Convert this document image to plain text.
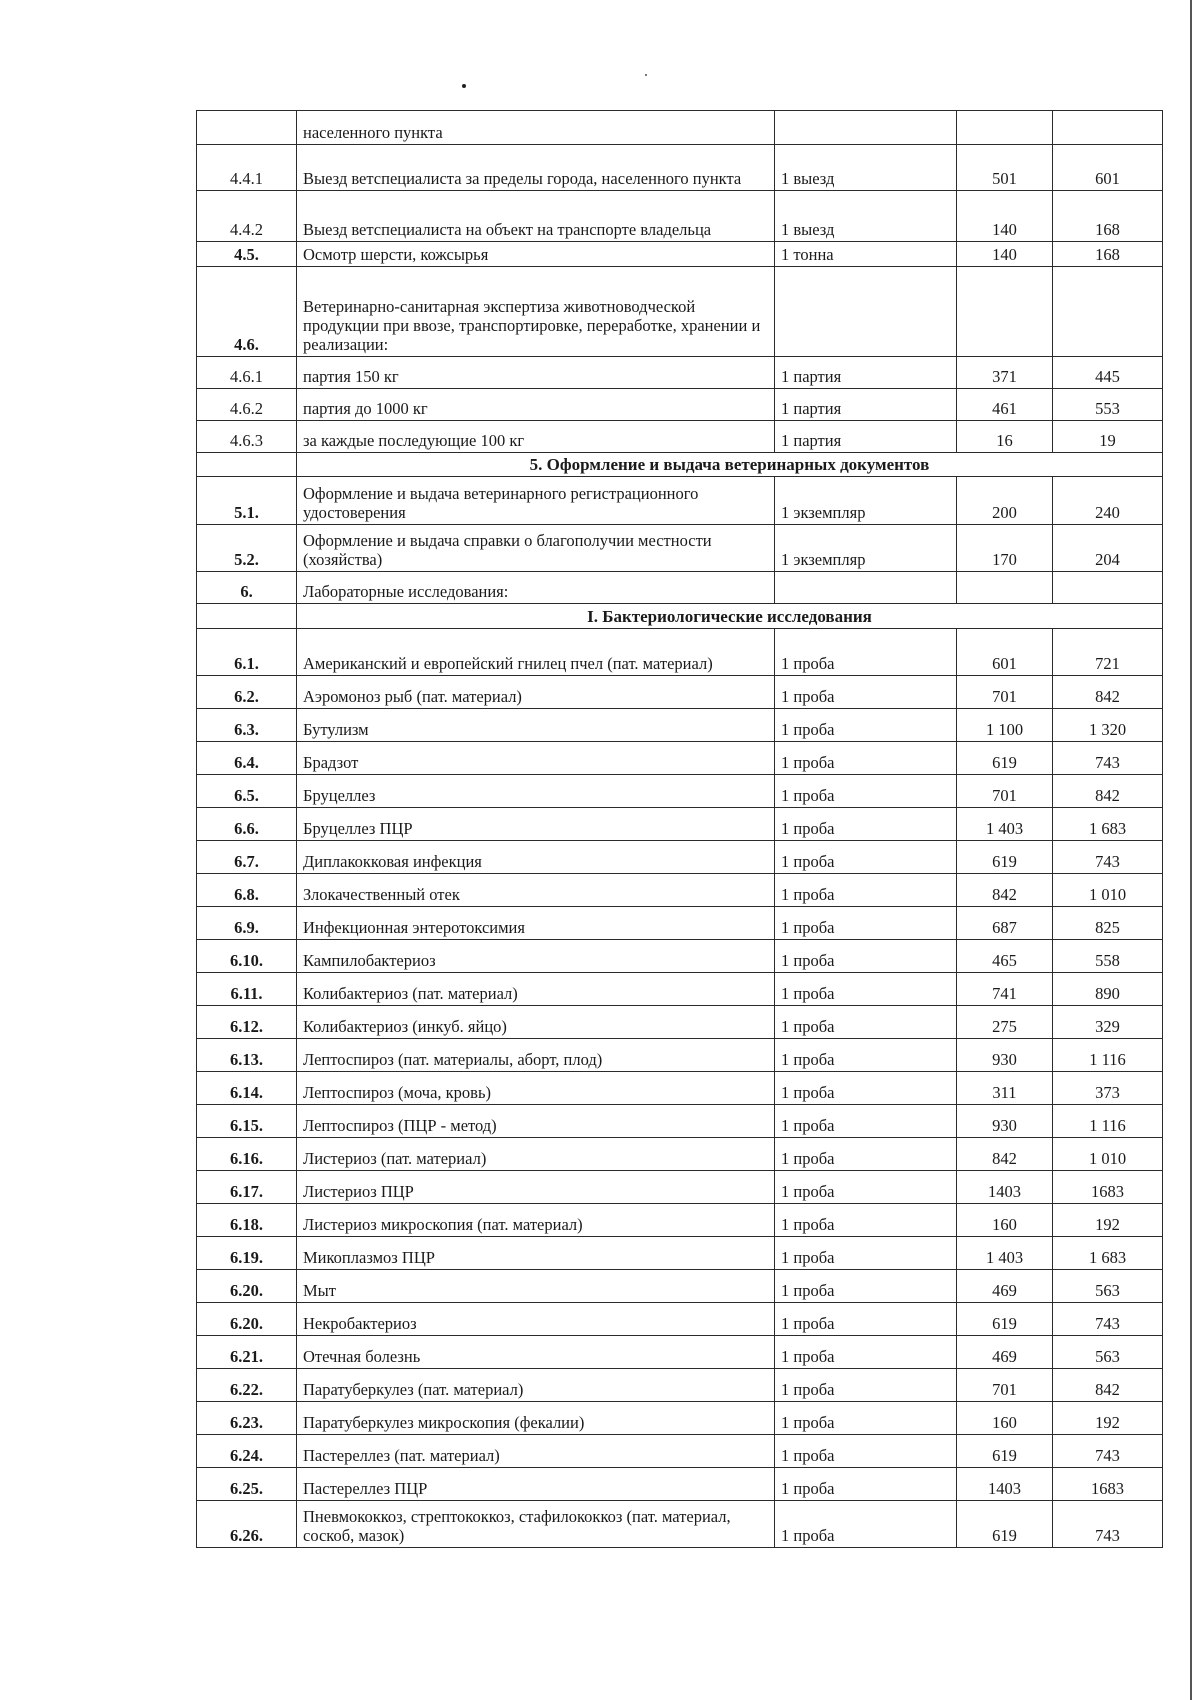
	населенного пункта			
4.4.1	Выезд ветспециалиста за пределы города, населенного пункта	1 выезд	501	601
4.4.2	Выезд ветспециалиста на объект на транспорте владельца	1 выезд	140	168
4.5.	Осмотр шерсти, кожсырья	1 тонна	140	168
4.6.	Ветеринарно-санитарная экспертиза животноводческой продукции при ввозе, транспортировке, переработке, хранении и реализации:			
4.6.1	партия 150 кг	1 партия	371	445
4.6.2	партия до 1000 кг	1 партия	461	553
4.6.3	за каждые последующие 100 кг	1 партия	16	19
	5. Оформление и выдача ветеринарных документов			
5.1.	Оформление и выдача ветеринарного регистрационного удостоверения	1 экземпляр	200	240
5.2.	Оформление и выдача справки о благополучии местности (хозяйства)	1 экземпляр	170	204
6.	Лабораторные исследования:			
	I. Бактериологические исследования			
6.1.	Американский и европейский гнилец пчел (пат. материал)	1 проба	601	721
6.2.	Аэромоноз рыб (пат. материал)	1 проба	701	842
6.3.	Бутулизм	1 проба	1 100	1 320
6.4.	Брадзот	1 проба	619	743
6.5.	Бруцеллез	1 проба	701	842
6.6.	Бруцеллез ПЦР	1 проба	1 403	1 683
6.7.	Диплакокковая инфекция	1 проба	619	743
6.8.	Злокачественный отек	1 проба	842	1 010
6.9.	Инфекционная энтеротоксимия	1 проба	687	825
6.10.	Кампилобактериоз	1 проба	465	558
6.11.	Колибактериоз (пат. материал)	1 проба	741	890
6.12.	Колибактериоз (инкуб. яйцо)	1 проба	275	329
6.13.	Лептоспироз (пат. материалы, аборт, плод)	1 проба	930	1 116
6.14.	Лептоспироз (моча, кровь)	1 проба	311	373
6.15.	Лептоспироз (ПЦР - метод)	1 проба	930	1 116
6.16.	Листериоз (пат. материал)	1 проба	842	1 010
6.17.	Листериоз ПЦР	1 проба	1403	1683
6.18.	Листериоз микроскопия (пат. материал)	1 проба	160	192
6.19.	Микоплазмоз ПЦР	1 проба	1 403	1 683
6.20.	Мыт	1 проба	469	563
6.20.	Некробактериоз	1 проба	619	743
6.21.	Отечная болезнь	1 проба	469	563
6.22.	Паратуберкулез (пат. материал)	1 проба	701	842
6.23.	Паратуберкулез микроскопия (фекалии)	1 проба	160	192
6.24.	Пастереллез (пат. материал)	1 проба	619	743
6.25.	Пастереллез ПЦР	1 проба	1403	1683
6.26.	Пневмококкоз, стрептококкоз, стафилококкоз (пат. материал, соскоб, мазок)	1 проба	619	743
